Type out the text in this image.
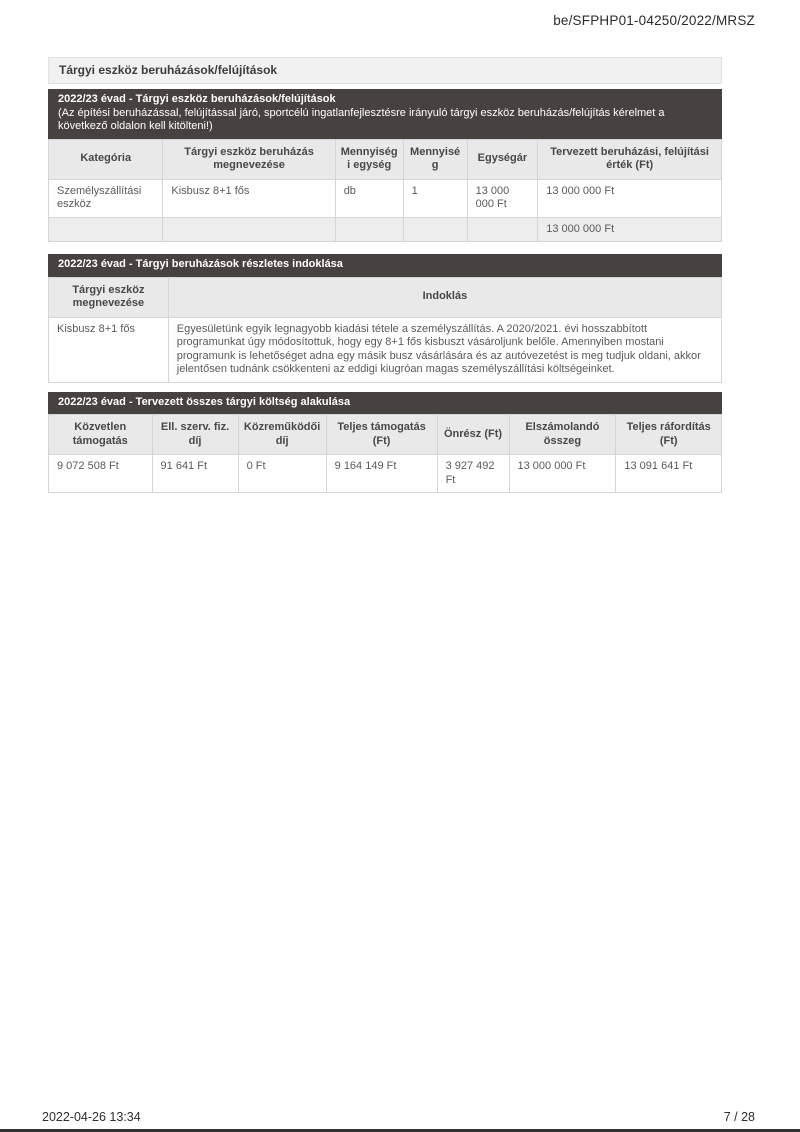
be/SFPHP01-04250/2022/MRSZ
Tárgyi eszköz beruházások/felújítások
2022/23 évad - Tárgyi eszköz beruházások/felújítások
(Az építési beruházással, felújítással járó, sportcélú ingatlanfejlesztésre irányuló tárgyi eszköz beruházás/felújítás kérelmet a következő oldalon kell kitölteni!)
Kategória	Tárgyi eszköz beruházás megnevezése	Mennyiségi egység	Mennyiség	Egységár	Tervezett beruházási, felújítási érték (Ft)
Személyszállítási eszköz	Kisbusz 8+1 fős	db	1	13 000 000 Ft	13 000 000 Ft
					13 000 000 Ft
2022/23 évad - Tárgyi beruházások részletes indoklása
Tárgyi eszköz megnevezése	Indoklás
Kisbusz 8+1 fős	Egyesületünk egyik legnagyobb kiadási tétele a személyszállítás. A 2020/2021. évi hosszabbított programunkat úgy módosítottuk, hogy egy 8+1 fős kisbuszt vásároljunk belőle. Amennyiben mostani programunk is lehetőséget adna egy másik busz vásárlására és az autóvezetést is meg tudjuk oldani, akkor jelentősen tudnánk csökkenteni az eddigi kiugróan magas személyszállítási költségeinket.
2022/23 évad - Tervezett összes tárgyi költség alakulása
Közvetlen támogatás	Ell. szerv. fiz. díj	Közreműködői díj	Teljes támogatás (Ft)	Önrész (Ft)	Elszámolandó összeg	Teljes ráfordítás (Ft)
9 072 508 Ft	91 641 Ft	0 Ft	9 164 149 Ft	3 927 492 Ft	13 000 000 Ft	13 091 641 Ft
2022-04-26 13:34	7 / 28
